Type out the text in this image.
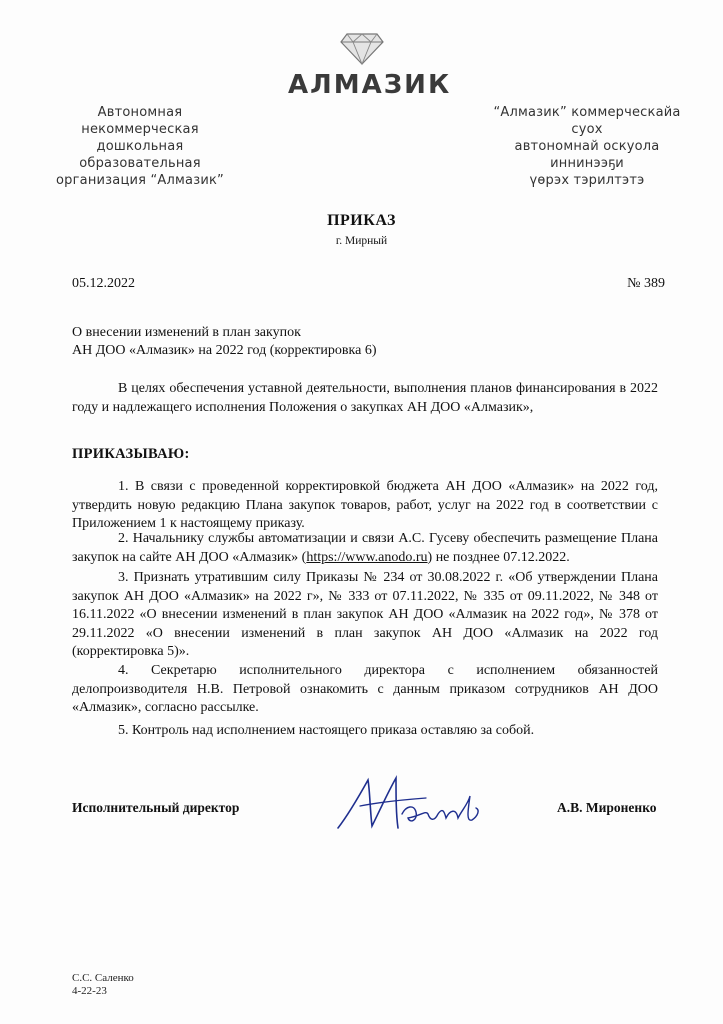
Автономная некоммерческая
дошкольная образовательная
организация “Алмазик”
АЛМАЗИК
“Алмазик” коммерческайа суох
автономнай оскуола иннинээҕи
үөрэх тэрилтэтэ
ПРИКАЗ
г. Мирный
05.12.2022	№ 389
О внесении изменений в план закупок
АН ДОО «Алмазик» на 2022 год (корректировка 6)
В целях обеспечения уставной деятельности, выполнения планов финансирования в 2022 году и надлежащего исполнения Положения о закупках АН ДОО «Алмазик»,
ПРИКАЗЫВАЮ:
1. В связи с проведенной корректировкой бюджета АН ДОО «Алмазик» на 2022 год, утвердить новую редакцию Плана закупок товаров, работ, услуг на 2022 год в соответствии с Приложением 1 к настоящему приказу.
2. Начальнику службы автоматизации и связи А.С. Гусеву обеспечить размещение Плана закупок на сайте АН ДОО «Алмазик» (https://www.anodo.ru) не позднее 07.12.2022.
3. Признать утратившим силу Приказы № 234 от 30.08.2022 г. «Об утверждении Плана закупок АН ДОО «Алмазик» на 2022 г», № 333 от 07.11.2022, № 335 от 09.11.2022, № 348 от 16.11.2022 «О внесении изменений в план закупок АН ДОО «Алмазик на 2022 год», № 378 от 29.11.2022 «О внесении изменений в план закупок АН ДОО «Алмазик на 2022 год (корректировка 5)».
4. Секретарю исполнительного директора с исполнением обязанностей делопроизводителя Н.В. Петровой ознакомить с данным приказом сотрудников АН ДОО «Алмазик», согласно рассылке.
5. Контроль над исполнением настоящего приказа оставляю за собой.
Исполнительный директор	А.В. Мироненко
С.С. Саленко
4-22-23
